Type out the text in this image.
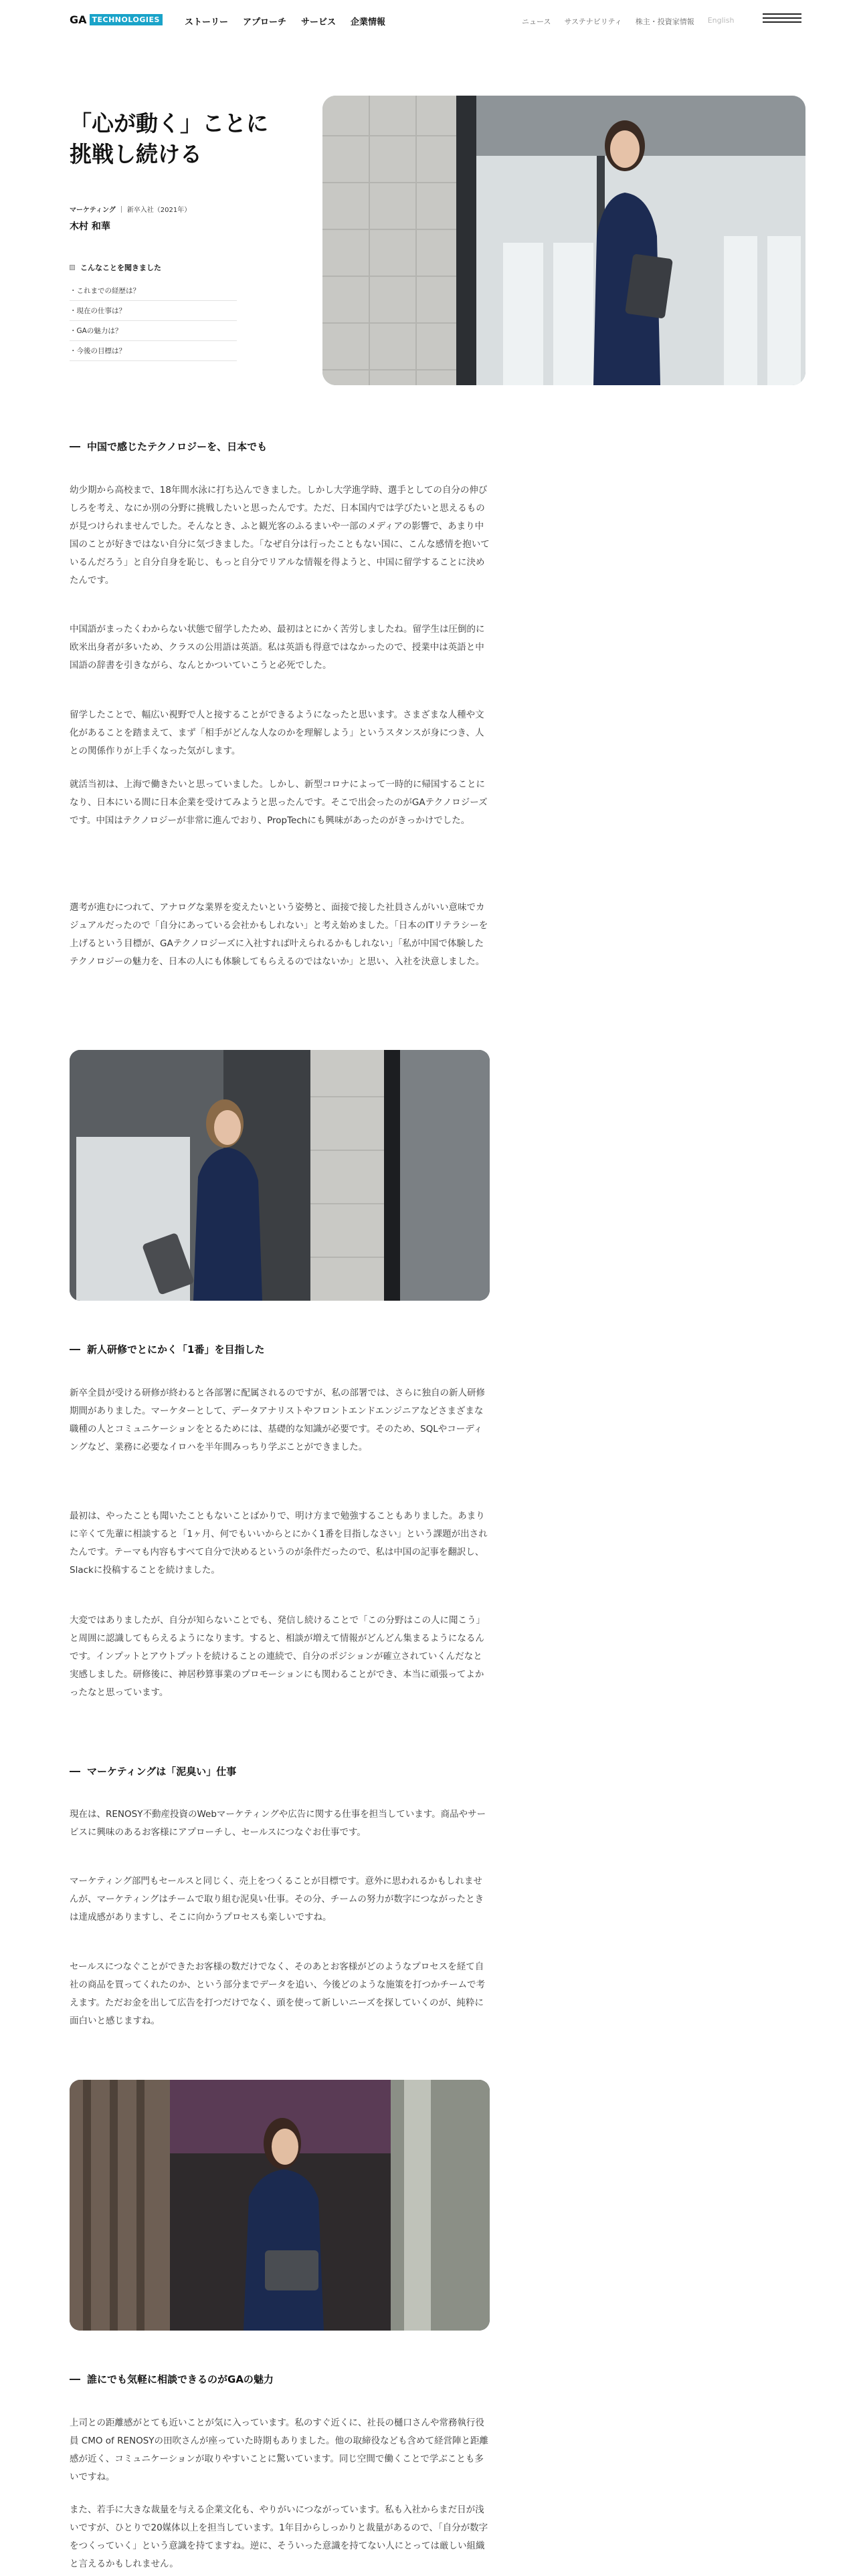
GA TECHNOLOGIES	ストーリー アプローチ サービス 企業情報	ニュース サステナビリティ 株主・投資家情報 English
「心が動く」ことに
挑戦し続ける
マーケティング 新卒入社（2021年）
木村 和華
こんなことを聞きました
・これまでの経歴は？
・現在の仕事は？
・GAの魅力は？
・今後の目標は？
中国で感じたテクノロジーを、日本でも

幼少期から高校まで、18年間水泳に打ち込んできました。しかし大学進学時、選手としての自分の伸びしろを考え、なにか別の分野に挑戦したいと思ったんです。ただ、日本国内では学びたいと思えるものが見つけられませんでした。そんなとき、ふと観光客のふるまいや一部のメディアの影響で、あまり中国のことが好きではない自分に気づきました。「なぜ自分は行ったこともない国に、こんな感情を抱いているんだろう」と自分自身を恥じ、もっと自分でリアルな情報を得ようと、中国に留学することに決めたんです。

中国語がまったくわからない状態で留学したため、最初はとにかく苦労しましたね。留学生は圧倒的に欧米出身者が多いため、クラスの公用語は英語。私は英語も得意ではなかったので、授業中は英語と中国語の辞書を引きながら、なんとかついていこうと必死でした。

留学したことで、幅広い視野で人と接することができるようになったと思います。さまざまな人種や文化があることを踏まえて、まず「相手がどんな人なのかを理解しよう」というスタンスが身につき、人との関係作りが上手くなった気がします。

就活当初は、上海で働きたいと思っていました。しかし、新型コロナによって一時的に帰国することになり、日本にいる間に日本企業を受けてみようと思ったんです。そこで出会ったのがGAテクノロジーズです。中国はテクノロジーが非常に進んでおり、PropTechにも興味があったのがきっかけでした。

選考が進むにつれて、アナログな業界を変えたいという姿勢と、面接で接した社員さんがいい意味でカジュアルだったので「自分にあっている会社かもしれない」と考え始めました。「日本のITリテラシーを上げるという目標が、GAテクノロジーズに入社すれば叶えられるかもしれない」「私が中国で体験したテクノロジーの魅力を、日本の人にも体験してもらえるのではないか」と思い、入社を決意しました。

新人研修でとにかく「1番」を目指した

新卒全員が受ける研修が終わると各部署に配属されるのですが、私の部署では、さらに独自の新人研修期間がありました。マーケターとして、データアナリストやフロントエンドエンジニアなどさまざまな職種の人とコミュニケーションをとるためには、基礎的な知識が必要です。そのため、SQLやコーディングなど、業務に必要なイロハを半年間みっちり学ぶことができました。

最初は、やったことも聞いたこともないことばかりで、明け方まで勉強することもありました。あまりに辛くて先輩に相談すると「1ヶ月、何でもいいからとにかく1番を目指しなさい」という課題が出されたんです。テーマも内容もすべて自分で決めるというのが条件だったので、私は中国の記事を翻訳し、Slackに投稿することを続けました。

大変ではありましたが、自分が知らないことでも、発信し続けることで「この分野はこの人に聞こう」と周囲に認識してもらえるようになります。すると、相談が増えて情報がどんどん集まるようになるんです。インプットとアウトプットを続けることの連続で、自分のポジションが確立されていくんだなと実感しました。研修後に、神居秒算事業のプロモーションにも関わることができ、本当に頑張ってよかったなと思っています。

マーケティングは「泥臭い」仕事

現在は、RENOSY不動産投資のWebマーケティングや広告に関する仕事を担当しています。商品やサービスに興味のあるお客様にアプローチし、セールスにつなぐお仕事です。

マーケティング部門もセールスと同じく、売上をつくることが目標です。意外に思われるかもしれませんが、マーケティングはチームで取り組む泥臭い仕事。その分、チームの努力が数字につながったときは達成感がありますし、そこに向かうプロセスも楽しいですね。

セールスにつなぐことができたお客様の数だけでなく、そのあとお客様がどのようなプロセスを経て自社の商品を買ってくれたのか、という部分までデータを追い、今後どのような施策を打つかチームで考えます。ただお金を出して広告を打つだけでなく、頭を使って新しいニーズを探していくのが、純粋に面白いと感じますね。

誰にでも気軽に相談できるのがGAの魅力

上司との距離感がとても近いことが気に入っています。私のすぐ近くに、社長の樋口さんや常務執行役員 CMO of RENOSYの田吹さんが座っていた時期もありました。他の取締役なども含めて経営陣と距離感が近く、コミュニケーションが取りやすいことに驚いています。同じ空間で働くことで学ぶことも多いですね。

また、若手に大きな裁量を与える企業文化も、やりがいにつながっています。私も入社からまだ日が浅いですが、ひとりで20媒体以上を担当しています。1年目からしっかりと裁量があるので、「自分が数字をつくっていく」という意識を持てますね。逆に、そういった意識を持てない人にとっては厳しい組織と言えるかもしれません。
